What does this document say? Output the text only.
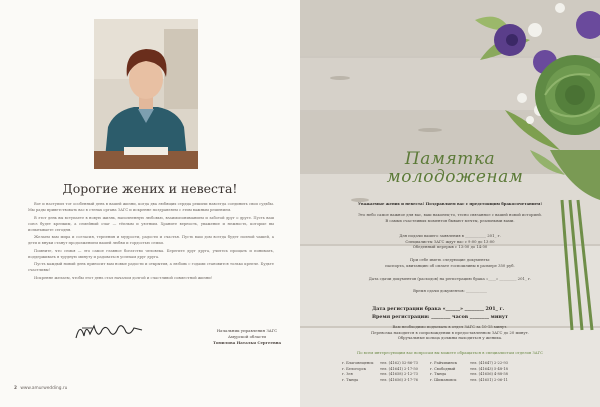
Дорогие жених и невеста!

Вот и наступил тот особенный день в вашей жизни, когда два любящих сердца решили навсегда соединить свои судьбы. Мы рады приветствовать вас в стенах органа ЗАГС и искренне поздравляем с этим важным решением.

В этот день вы вступаете в новую жизнь, наполненную любовью, взаимопониманием и заботой друг о друге. Пусть ваш союз будет крепким, а семейный очаг — тёплым и уютным. Храните верность, уважение и нежность, которые вы испытываете сегодня.

Желаем вам мира и согласия, терпения и мудрости, радости и счастья. Пусть ваш дом всегда будет полной чашей, а дети и внуки станут продолжением вашей любви и гордостью семьи.

Помните, что семья — это самое главное богатство человека. Берегите друг друга, учитесь прощать и понимать, поддерживать в трудную минуту и радоваться успехам друг друга.

Пусть каждый новый день приносит вам новые радости и открытия, а любовь с годами становится только крепче. Будьте счастливы!

Искренне желаем, чтобы этот день стал началом долгой и счастливой совместной жизни!

Начальник управления ЗАГС
Амурской области
Томилова Наталья Сергеевна
2 www.amurwedding.ru
Памятка
молодоженам
Уважаемые жених и невеста! Поздравляем вас с предстоящим бракосочетанием!
Это небо самое важное для вас, ваш наконец-то, тесно связанное с вашей новой историей.
В самых счастливых моментов бывают мечты, реальными вами.
Для подачи вашего заявления в ___________ 201_ г.
Специалисты ЗАГС ждут вас с 9:00 до 13:00
Обеденный перерыв с 13:00 до 14:00
При себе иметь следующие документы:
паспорта, квитанцию об оплате госпошлины в размере 350 руб.
Дата сдачи документов (расходов) на регистрацию брака «____» _________ 201_ г.
Время сдачи документов: ___________
Дата регистрации брака «______» ________ 201_ г.
Время регистрации: ________ часов ________ минут
Вам необходимо подъехать в отдел ЗАГС за 10-15 минут.
Перевозка находится в сопровождении в предоставленном ЗАГС до 20 минут.
Обручальные кольца должны находиться у жениха.
По всем интересующим вас вопросам вы можете обращаться в специалистам отделов ЗАГС
г. Благовещенск	тел. (4162) 52-86-73	г. Райчихинск	тел. (41647) 2-22-93
г. Белогорск	тел. (41641) 2-17-50	г. Свободный	тел. (41643) 5-48-18
г. Зея	тел. (41658) 2-12-73	г. Тында	тел. (41656) 4-88-58
г. Тында	тел. (41656) 3-17-76	г. Шимановск	тел. (41651) 2-06-11
